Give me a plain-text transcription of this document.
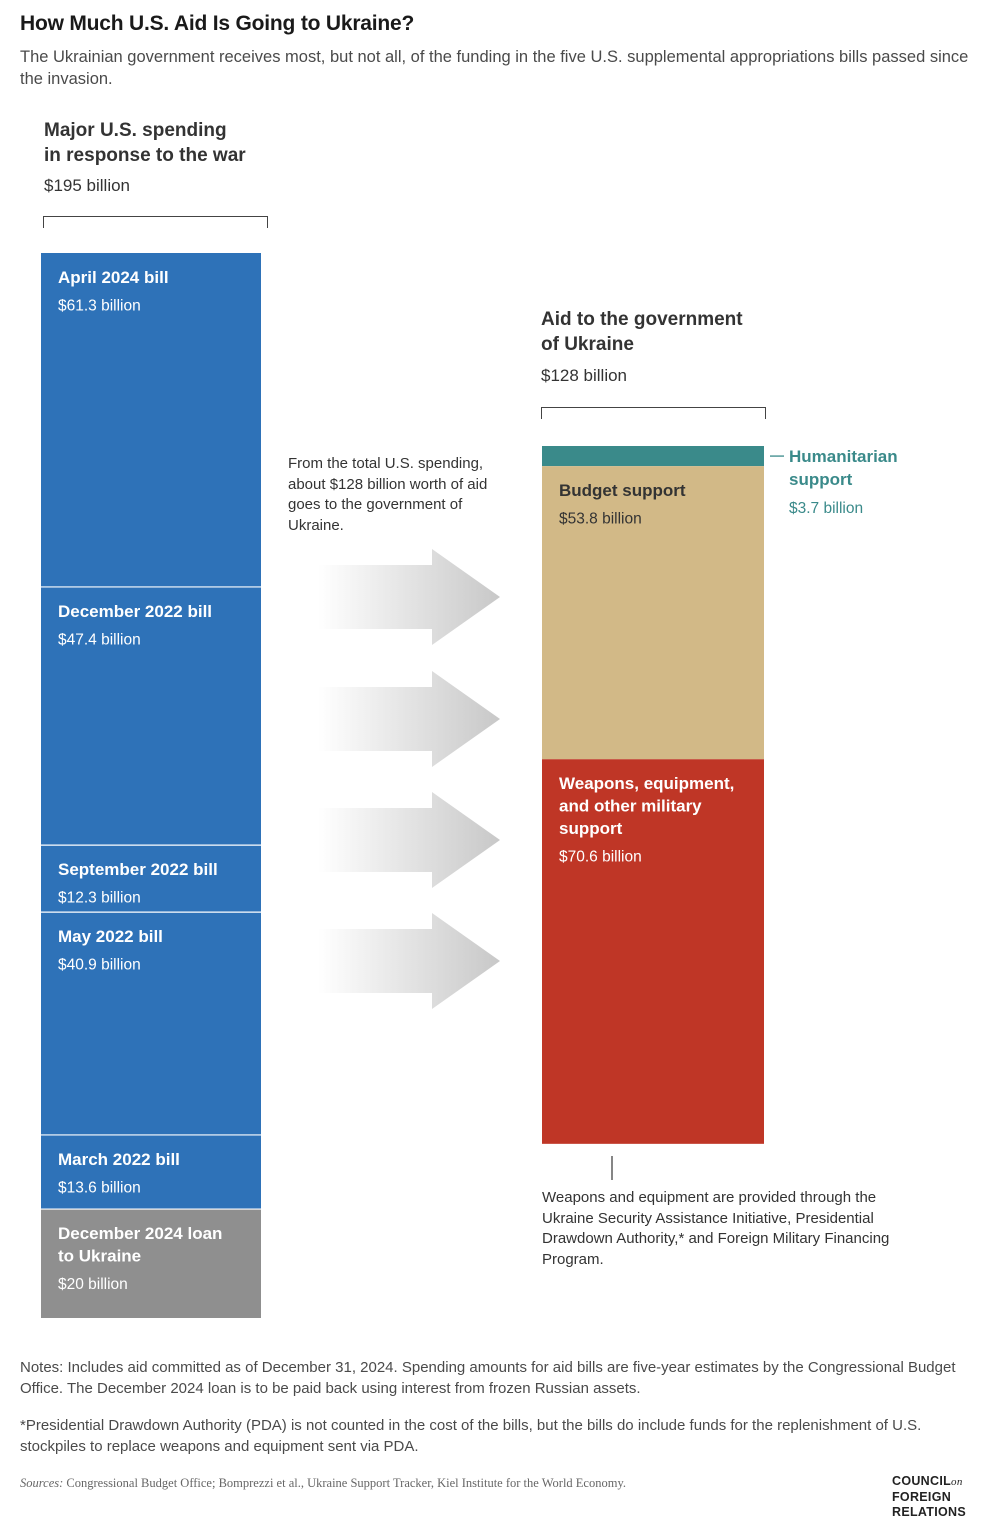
How Much U.S. Aid Is Going to Ukraine?
The Ukrainian government receives most, but not all, of the funding in the five U.S. supplemental appropriations bills passed since the invasion.
Major U.S. spending
in response to the war
$195 billion
Aid to the government
of Ukraine
$128 billion
April 2024 bill
$61.3 billion
December 2022 bill
$47.4 billion
September 2022 bill
$12.3 billion
May 2022 bill
$40.9 billion
March 2022 bill
$13.6 billion
December 2024 loan
to Ukraine
$20 billion
Humanitarian
support
$3.7 billion
Budget support
$53.8 billion
Weapons, equipment,
and other military
support
$70.6 billion
From the total U.S. spending, about $128 billion worth of aid goes to the government of Ukraine.
Weapons and equipment are provided through the Ukraine Security Assistance Initiative, Presidential Drawdown Authority,* and Foreign Military Financing Program.
Notes: Includes aid committed as of December 31, 2024. Spending amounts for aid bills are five-year estimates by the Congressional Budget Office. The December 2024 loan is to be paid back using interest from frozen Russian assets.
*Presidential Drawdown Authority (PDA) is not counted in the cost of the bills, but the bills do include funds for the replenishment of U.S. stockpiles to replace weapons and equipment sent via PDA.
Sources: Congressional Budget Office; Bomprezzi et al., Ukraine Support Tracker, Kiel Institute for the World Economy.	COUNCILon
FOREIGN
RELATIONS
